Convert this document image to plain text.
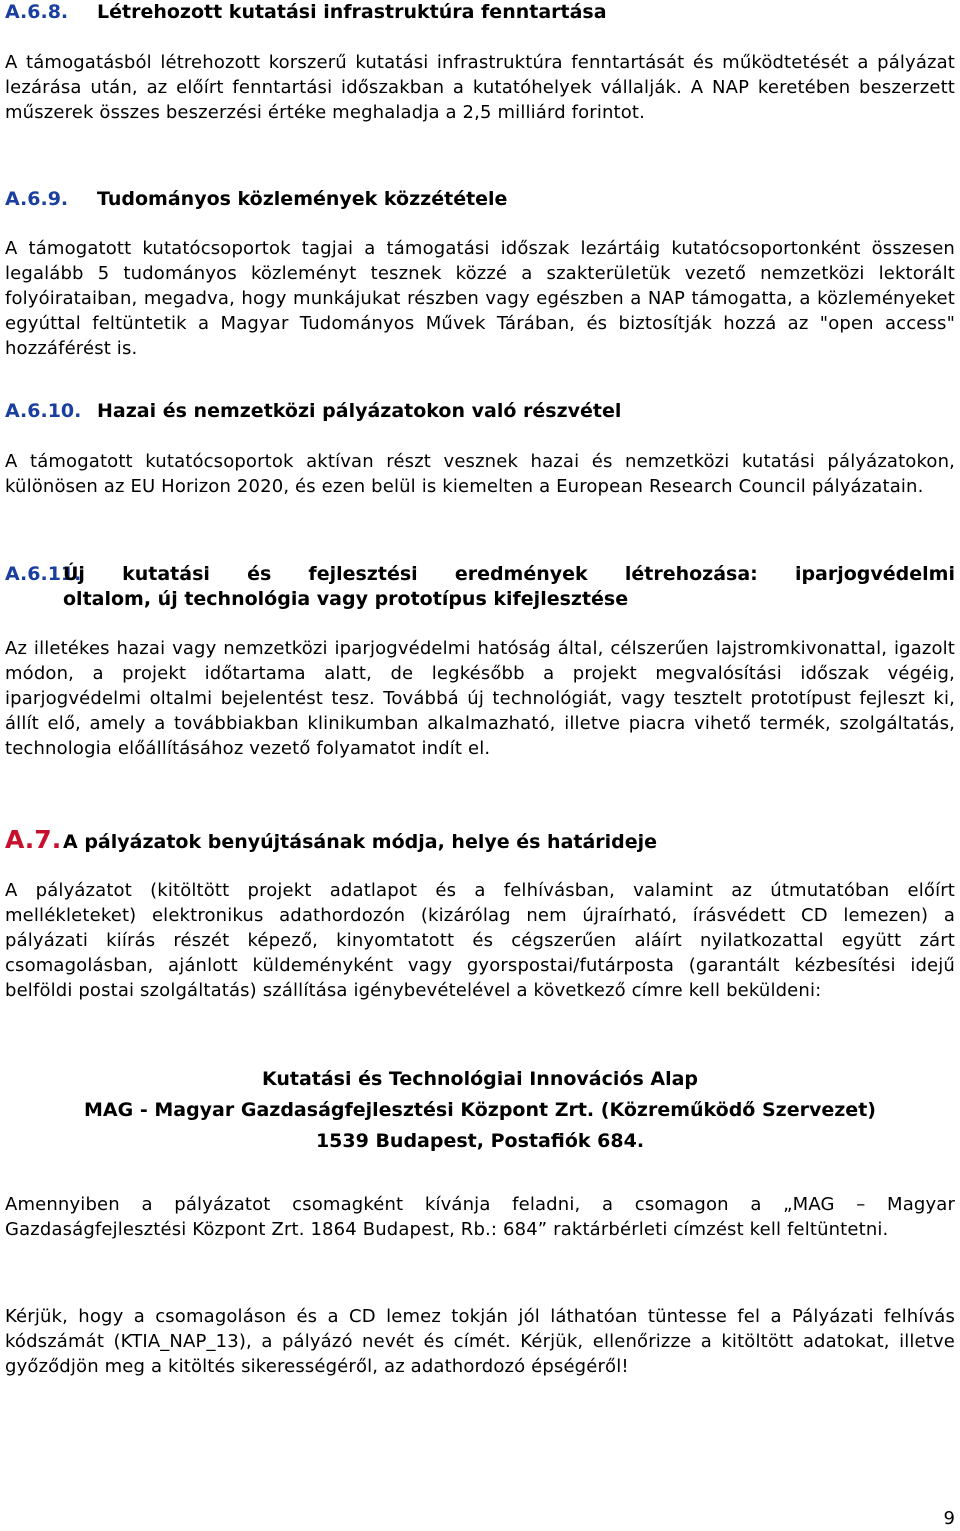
A.6.8. Létrehozott kutatási infrastruktúra fenntartása

A támogatásból létrehozott korszerű kutatási infrastruktúra fenntartását és működtetését a pályázat lezárása után, az előírt fenntartási időszakban a kutatóhelyek vállalják. A NAP keretében beszerzett műszerek összes beszerzési értéke meghaladja a 2,5 milliárd forintot.

A.6.9. Tudományos közlemények közzététele

A támogatott kutatócsoportok tagjai a támogatási időszak lezártáig kutatócsoportonként összesen legalább 5 tudományos közleményt tesznek közzé a szakterületük vezető nemzetközi lektorált folyóirataiban, megadva, hogy munkájukat részben vagy egészben a NAP támogatta, a közleményeket egyúttal feltüntetik a Magyar Tudományos Művek Tárában, és biztosítják hozzá az "open access" hozzáférést is.

A.6.10. Hazai és nemzetközi pályázatokon való részvétel

A támogatott kutatócsoportok aktívan részt vesznek hazai és nemzetközi kutatási pályázatokon, különösen az EU Horizon 2020, és ezen belül is kiemelten a European Research Council pályázatain.

A.6.11.
Új kutatási és fejlesztési eredmények létrehozása: iparjogvédelmi
oltalom, új technológia vagy prototípus kifejlesztése

Az illetékes hazai vagy nemzetközi iparjogvédelmi hatóság által, célszerűen lajstromkivonattal, igazolt módon, a projekt időtartama alatt, de legkésőbb a projekt megvalósítási időszak végéig, iparjogvédelmi oltalmi bejelentést tesz. Továbbá új technológiát, vagy tesztelt prototípust fejleszt ki, állít elő, amely a továbbiakban klinikumban alkalmazható, illetve piacra vihető termék, szolgáltatás, technologia előállításához vezető folyamatot indít el.

A.7.A pályázatok benyújtásának módja, helye és határideje

A pályázatot (kitöltött projekt adatlapot és a felhívásban, valamint az útmutatóban előírt mellékleteket) elektronikus adathordozón (kizárólag nem újraírható, írásvédett CD lemezen) a pályázati kiírás részét képező, kinyomtatott és cégszerűen aláírt nyilatkozattal együtt zárt csomagolásban, ajánlott küldeményként vagy gyorspostai/futárposta (garantált kézbesítési idejű belföldi postai szolgáltatás) szállítása igénybevételével a következő címre kell beküldeni:

Kutatási és Technológiai Innovációs Alap

MAG - Magyar Gazdaságfejlesztési Központ Zrt. (Közreműködő Szervezet)

1539 Budapest, Postafiók 684.

Amennyiben a pályázatot csomagként kívánja feladni, a csomagon a „MAG – Magyar Gazdaságfejlesztési Központ Zrt. 1864 Budapest, Rb.: 684” raktárbérleti címzést kell feltüntetni.

Kérjük, hogy a csomagoláson és a CD lemez tokján jól láthatóan tüntesse fel a Pályázati felhívás kódszámát (KTIA_NAP_13), a pályázó nevét és címét. Kérjük, ellenőrizze a kitöltött adatokat, illetve győződjön meg a kitöltés sikerességéről, az adathordozó épségéről!

9
